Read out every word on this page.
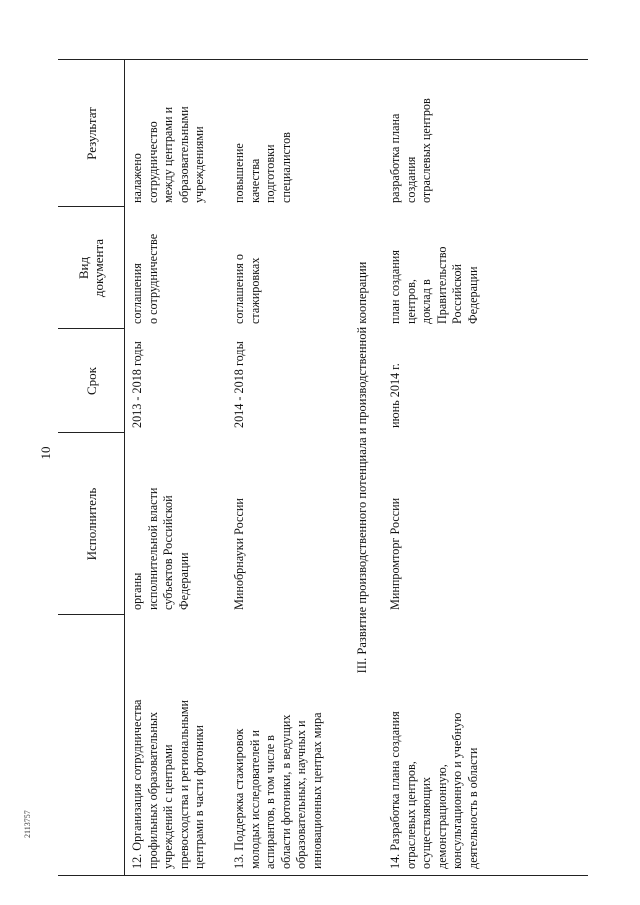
10
2113757
Исполнитель
Срок
Вид
документа
Результат
12. Организация сотрудничества
профильных образовательных
учреждений с центрами
превосходства и региональными
центрами в части фотоники
органы
исполнительной власти
субъектов Российской
Федерации
2013 - 2018 годы
соглашения
о сотрудничестве
налажено
сотрудничество
между центрами и
образовательными
учреждениями
13. Поддержка стажировок
молодых исследователей и
аспирантов, в том числе в
области фотоники, в ведущих
образовательных, научных и
инновационных центрах мира
Минобрнауки России
2014 - 2018 годы
соглашения о
стажировках
повышение
качества
подготовки
специалистов
III. Развитие производственного потенциала и производственной кооперации
14. Разработка плана создания
отраслевых центров,
осуществляющих
демонстрационную,
консультационную и учебную
деятельность в области
Минпромторг России
июнь 2014 г.
план создания
центров,
доклад в
Правительство
Российской
Федерации
разработка плана
создания
отраслевых центров
